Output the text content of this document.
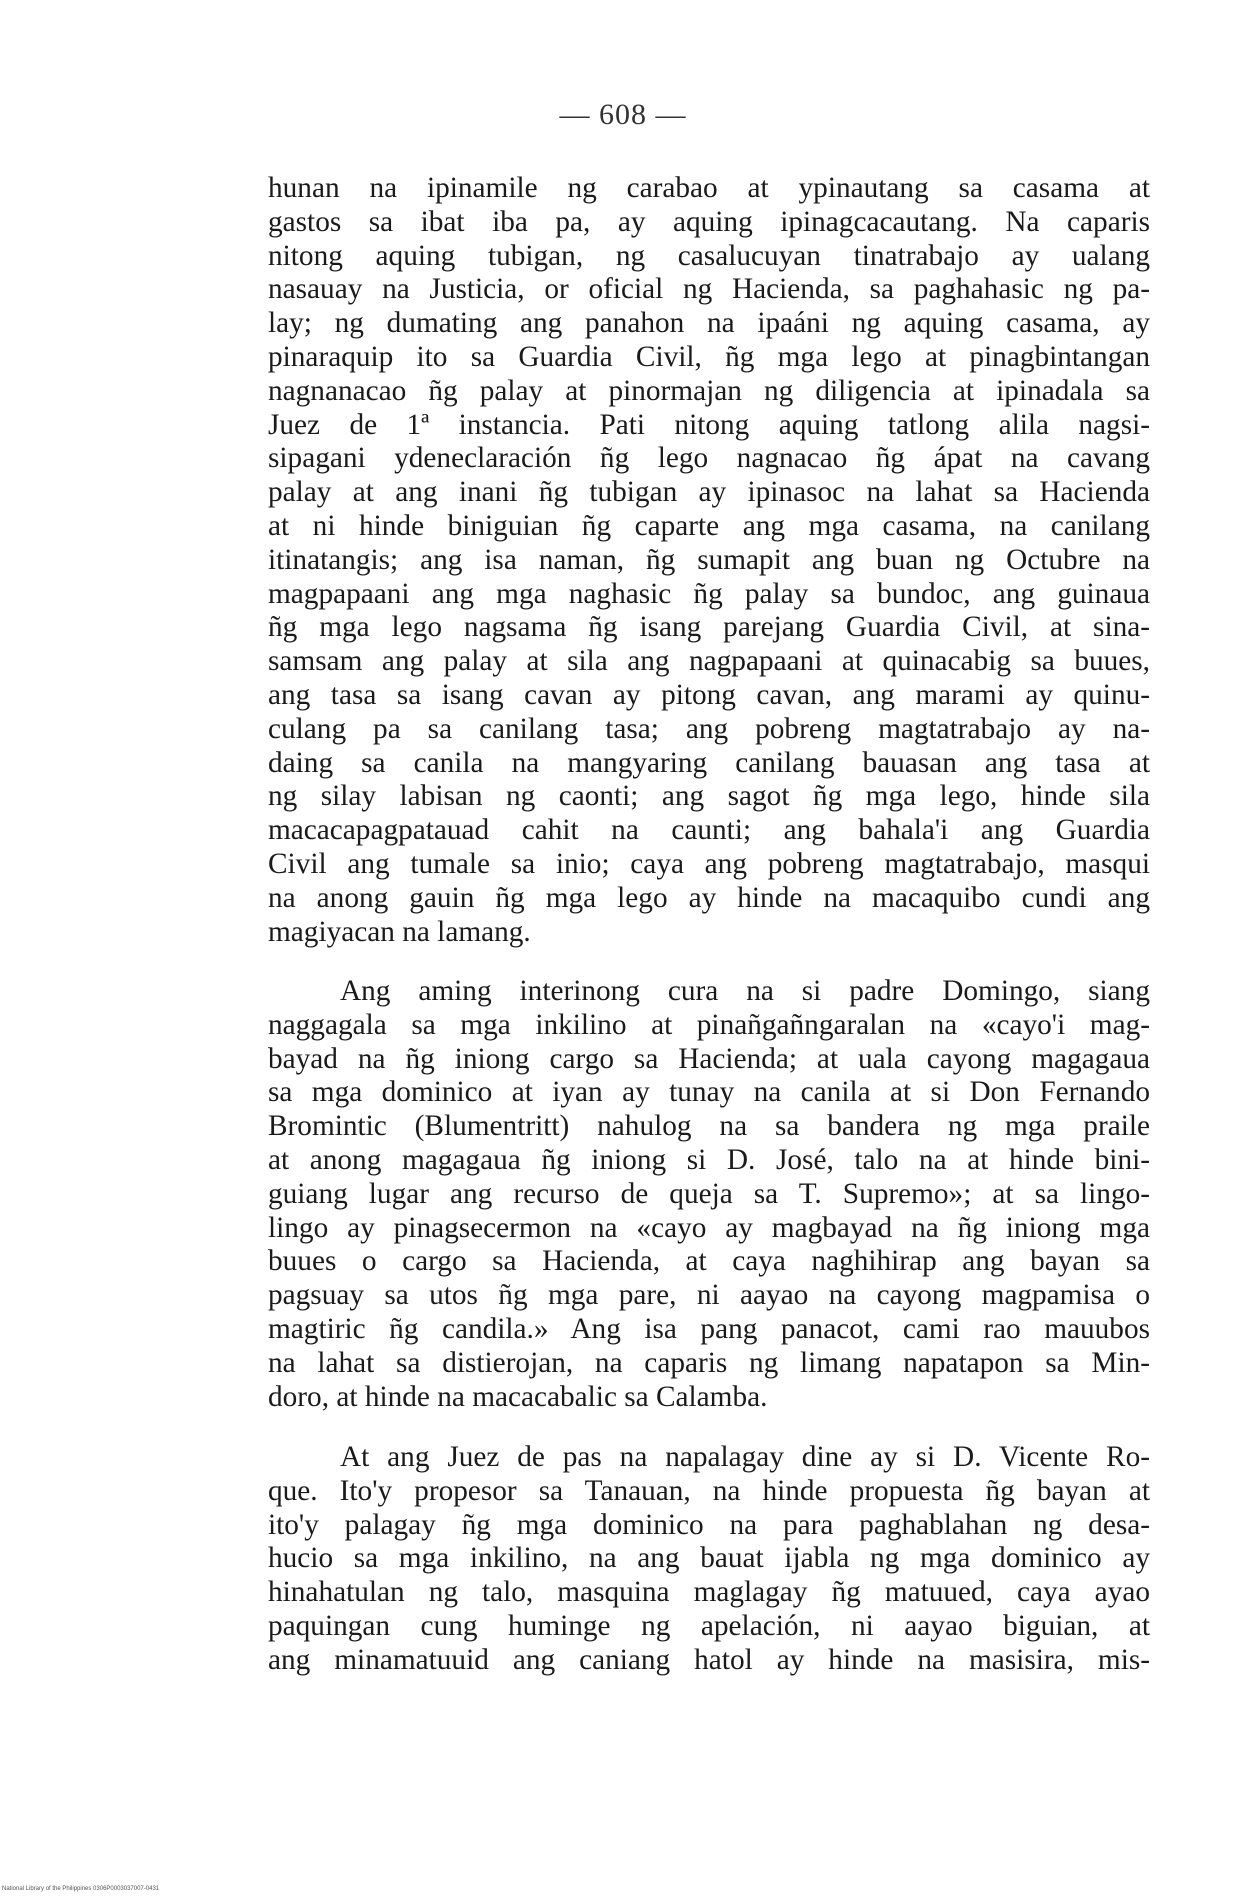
— 608 —
hunan na ipinamile ng carabao at ypinautang sa casama at
gastos sa ibat iba pa, ay aquing ipinagcacautang. Na caparis
nitong aquing tubigan, ng casalucuyan tinatrabajo ay ualang
nasauay na Justicia, or oficial ng Hacienda, sa paghahasic ng pa-
lay; ng dumating ang panahon na ipaáni ng aquing casama, ay
pinaraquip ito sa Guardia Civil, ñg mga lego at pinagbintangan
nagnanacao ñg palay at pinormajan ng diligencia at ipinadala sa
Juez de 1ª instancia. Pati nitong aquing tatlong alila nagsi-
sipagani ydeneclaración ñg lego nagnacao ñg ápat na cavang
palay at ang inani ñg tubigan ay ipinasoc na lahat sa Hacienda
at ni hinde biniguian ñg caparte ang mga casama, na canilang
itinatangis; ang isa naman, ñg sumapit ang buan ng Octubre na
magpapaani ang mga naghasic ñg palay sa bundoc, ang guinaua
ñg mga lego nagsama ñg isang parejang Guardia Civil, at sina-
samsam ang palay at sila ang nagpapaani at quinacabig sa buues,
ang tasa sa isang cavan ay pitong cavan, ang marami ay quinu-
culang pa sa canilang tasa; ang pobreng magtatrabajo ay na-
daing sa canila na mangyaring canilang bauasan ang tasa at
ng silay labisan ng caonti; ang sagot ñg mga lego, hinde sila
macacapagpatauad cahit na caunti; ang bahala'i ang Guardia
Civil ang tumale sa inio; caya ang pobreng magtatrabajo, masqui
na anong gauin ñg mga lego ay hinde na macaquibo cundi ang
magiyacan na lamang.
Ang aming interinong cura na si padre Domingo, siang
naggagala sa mga inkilino at pinañgañngaralan na «cayo'i mag-
bayad na ñg iniong cargo sa Hacienda; at uala cayong magagaua
sa mga dominico at iyan ay tunay na canila at si Don Fernando
Bromintic (Blumentritt) nahulog na sa bandera ng mga praile
at anong magagaua ñg iniong si D. José, talo na at hinde bini-
guiang lugar ang recurso de queja sa T. Supremo»; at sa lingo-
lingo ay pinagsecermon na «cayo ay magbayad na ñg iniong mga
buues o cargo sa Hacienda, at caya naghihirap ang bayan sa
pagsuay sa utos ñg mga pare, ni aayao na cayong magpamisa o
magtiric ñg candila.» Ang isa pang panacot, cami rao mauubos
na lahat sa distierojan, na caparis ng limang napatapon sa Min-
doro, at hinde na macacabalic sa Calamba.
At ang Juez de pas na napalagay dine ay si D. Vicente Ro-
que. Ito'y propesor sa Tanauan, na hinde propuesta ñg bayan at
ito'y palagay ñg mga dominico na para paghablahan ng desa-
hucio sa mga inkilino, na ang bauat ijabla ng mga dominico ay
hinahatulan ng talo, masquina maglagay ñg matuued, caya ayao
paquingan cung huminge ng apelación, ni aayao biguian, at
ang minamatuuid ang caniang hatol ay hinde na masisira, mis-
National Library of the Philippines 0306P0003037007-0431
